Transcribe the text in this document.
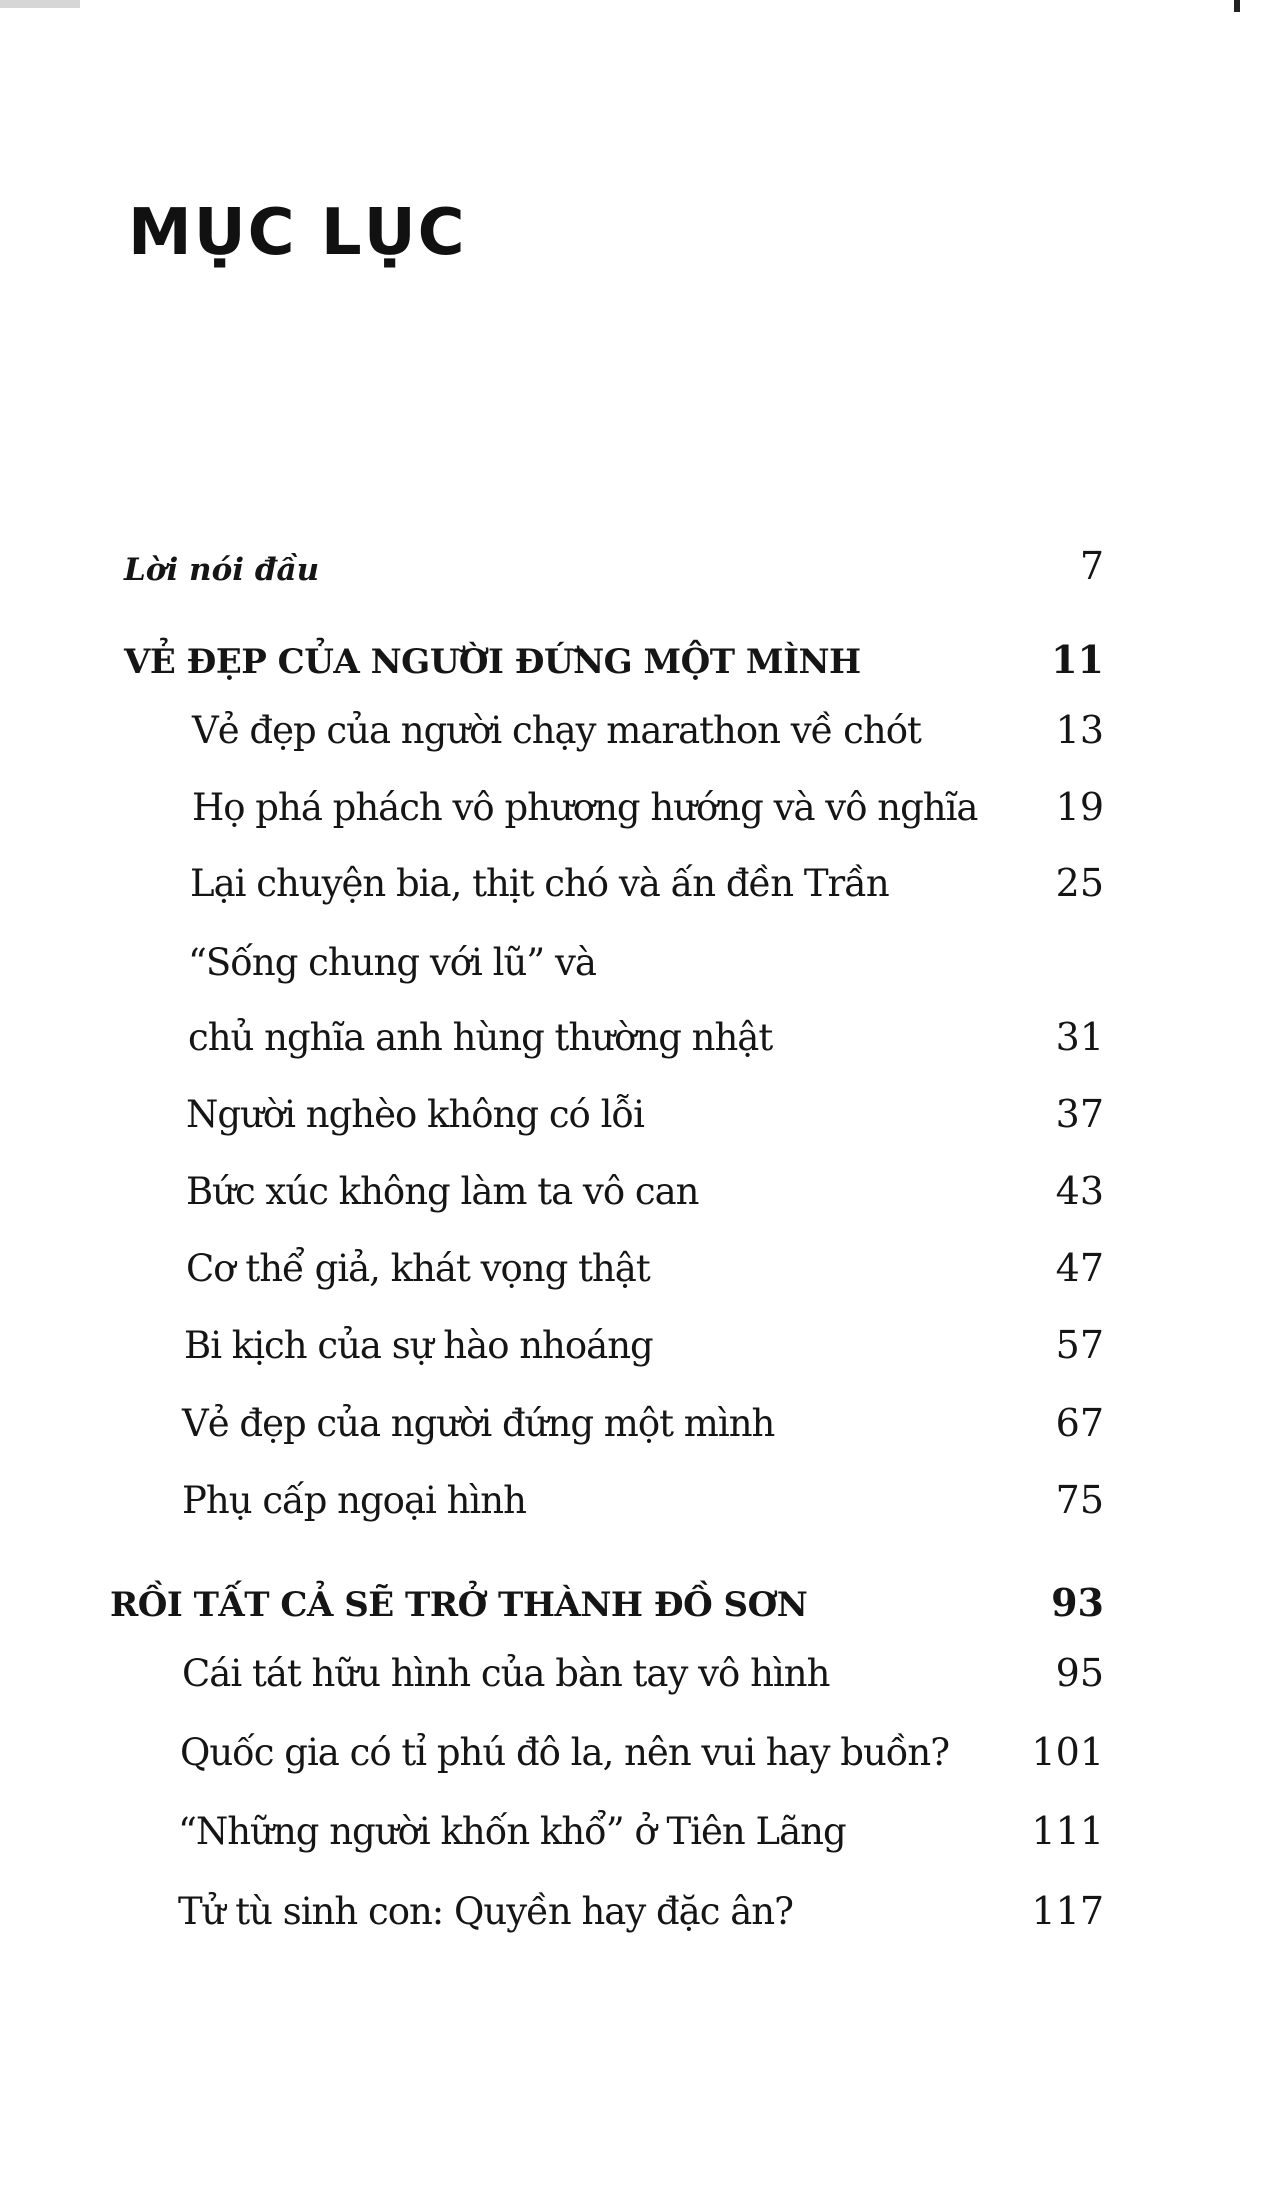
MỤC LỤC
Lời nói đầu	7
VẺ ĐẸP CỦA NGƯỜI ĐỨNG MỘT MÌNH	11
Vẻ đẹp của người chạy marathon về chót	13
Họ phá phách vô phương hướng và vô nghĩa 19
Lại chuyện bia, thịt chó và ấn đền Trần	25
“Sống chung với lũ” và
chủ nghĩa anh hùng thường nhật	31
Người nghèo không có lỗi	37
Bức xúc không làm ta vô can	43
Cơ thể giả, khát vọng thật	47
Bi kịch của sự hào nhoáng	57
Vẻ đẹp của người đứng một mình	67
Phụ cấp ngoại hình	75
RỒI TẤT CẢ SẼ TRỞ THÀNH ĐỒ SƠN	93
Cái tát hữu hình của bàn tay vô hình	95
Quốc gia có tỉ phú đô la, nên vui hay buồn? 101
“Những người khốn khổ” ở Tiên Lãng	111
Tử tù sinh con: Quyền hay đặc ân?	117
